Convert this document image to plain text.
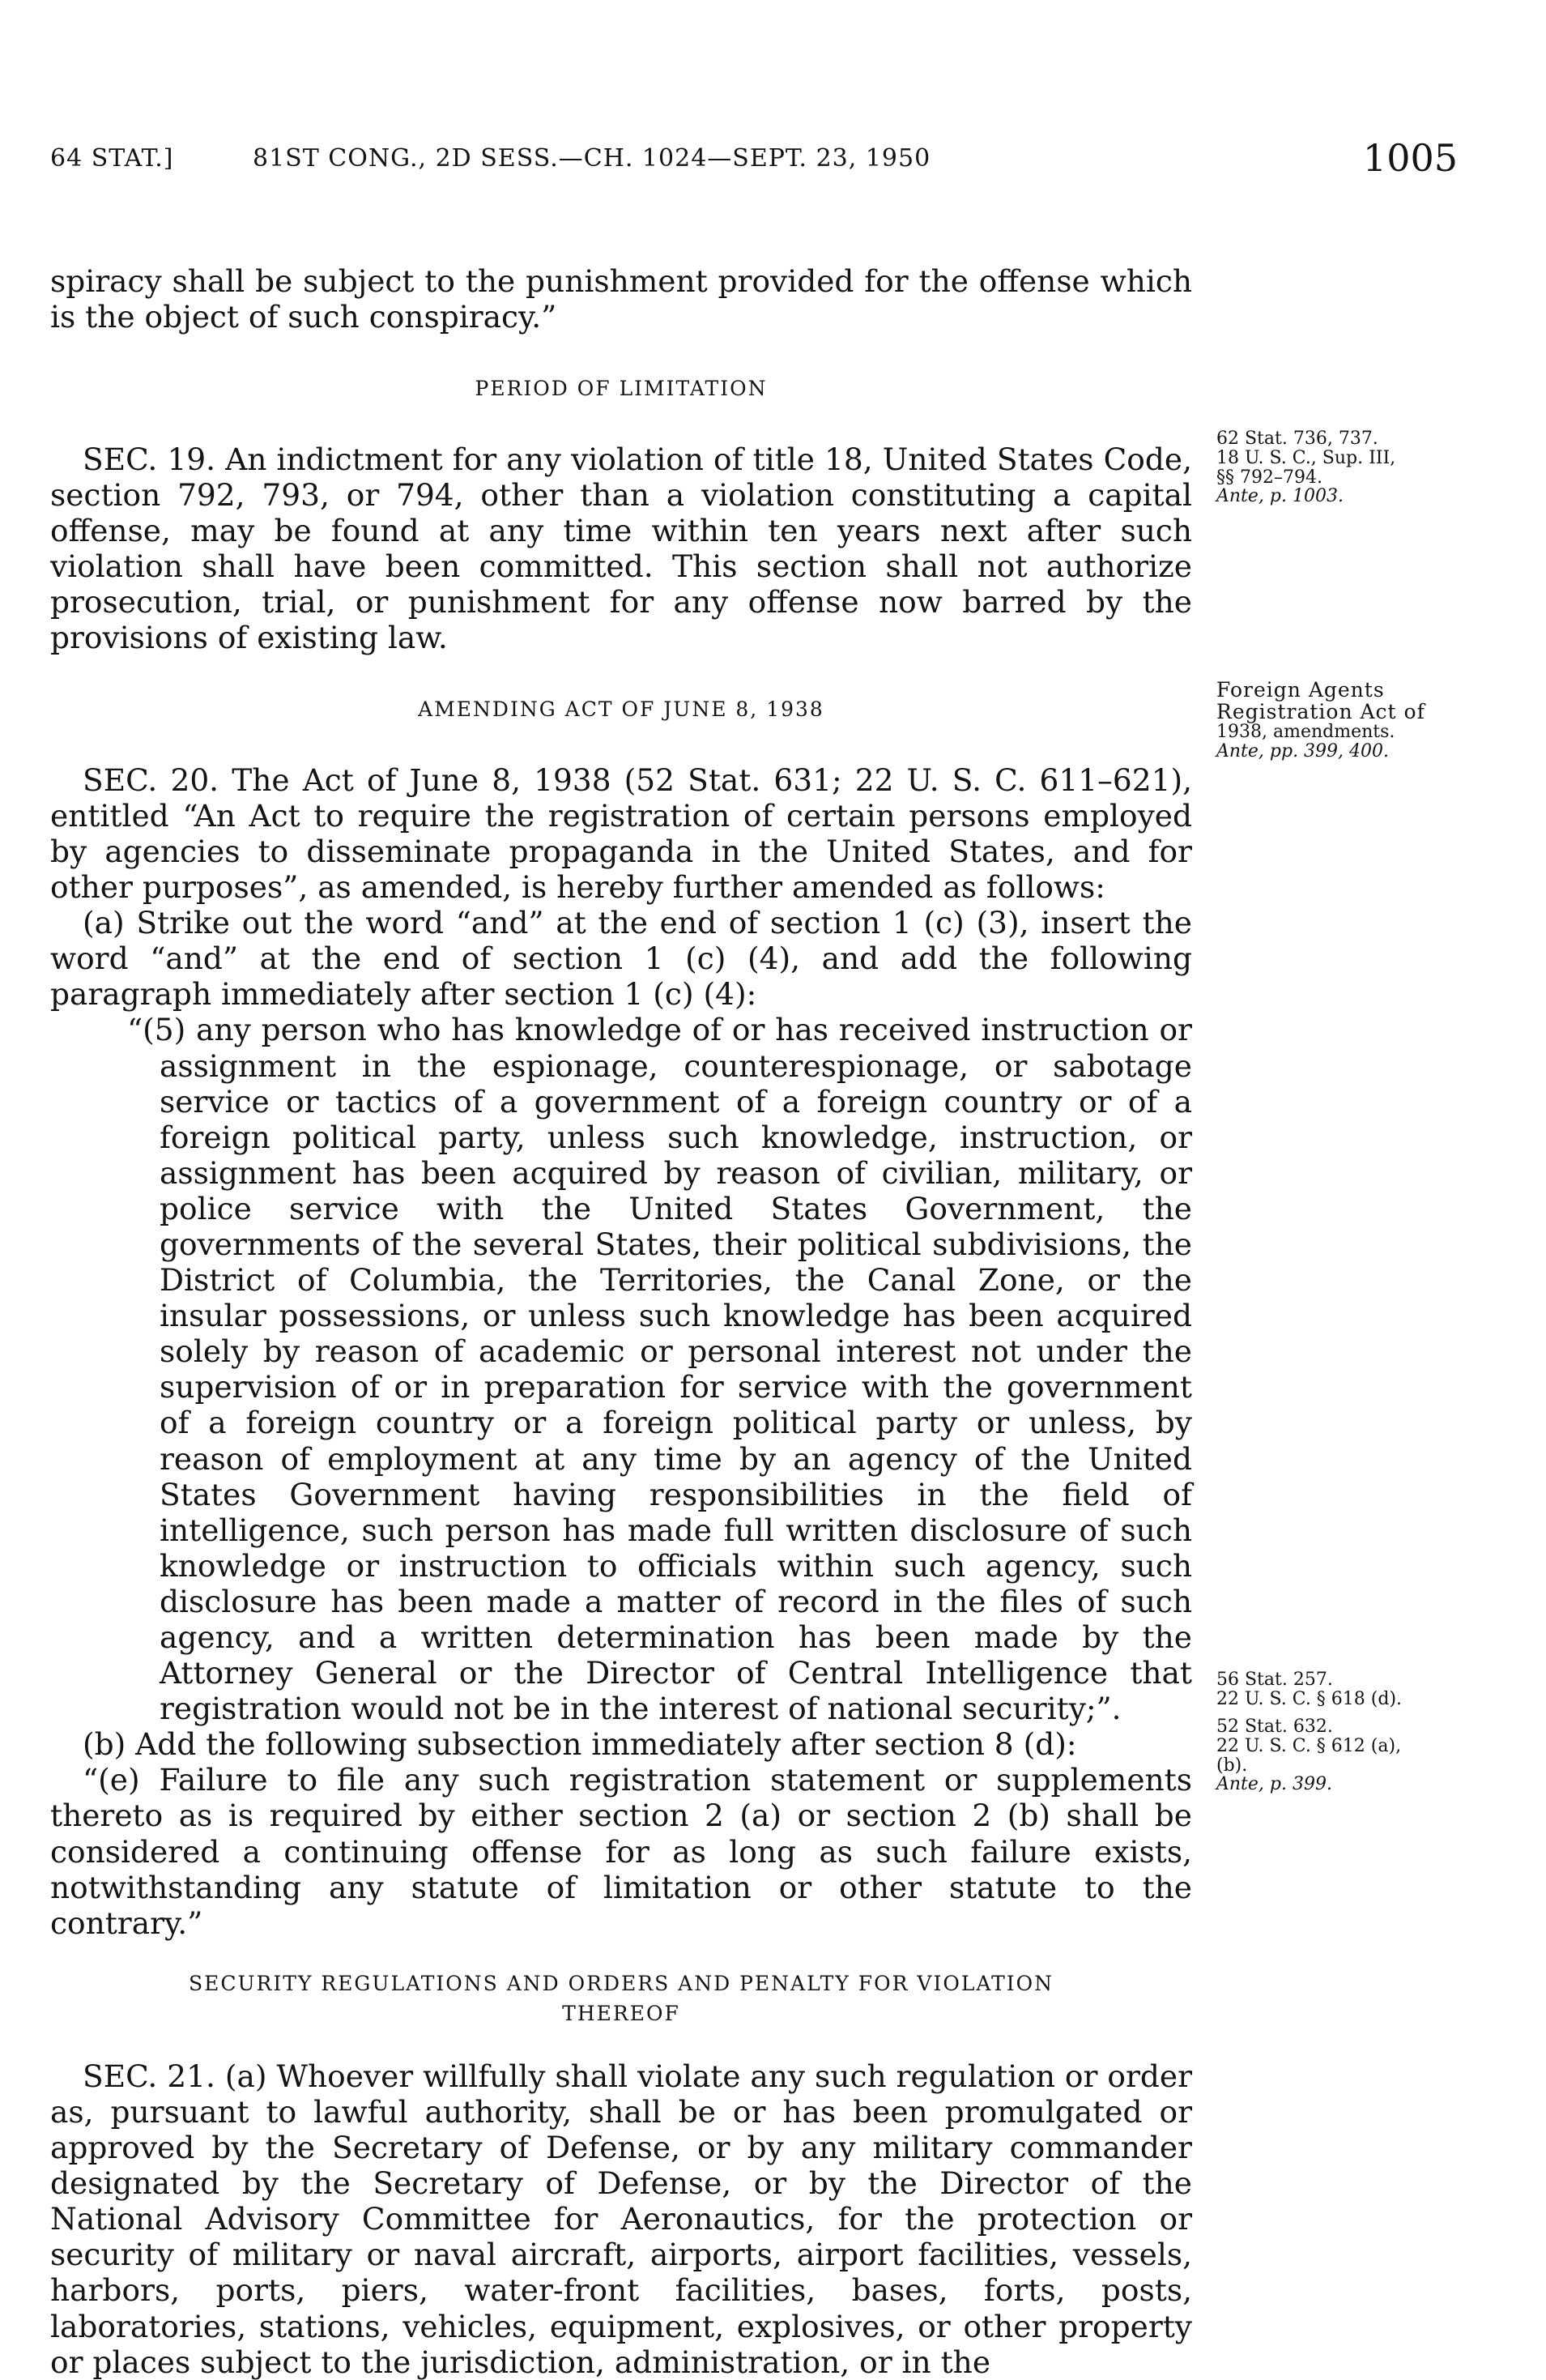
64 STAT.]	81ST CONG., 2D SESS.—CH. 1024—SEPT. 23, 1950	1005

spiracy shall be subject to the punishment provided for the offense which is the object of such conspiracy.”

PERIOD OF LIMITATION

SEC. 19. An indictment for any violation of title 18, United States Code, section 792, 793, or 794, other than a violation constituting a capital offense, may be found at any time within ten years next after such violation shall have been committed. This section shall not authorize prosecution, trial, or punishment for any offense now barred by the provisions of existing law.

AMENDING ACT OF JUNE 8, 1938

SEC. 20. The Act of June 8, 1938 (52 Stat. 631; 22 U. S. C. 611–621), entitled “An Act to require the registration of certain persons employed by agencies to disseminate propaganda in the United States, and for other purposes”, as amended, is hereby further amended as follows:

(a) Strike out the word “and” at the end of section 1 (c) (3), insert the word “and” at the end of section 1 (c) (4), and add the following paragraph immediately after section 1 (c) (4):

“(5) any person who has knowledge of or has received instruction or assignment in the espionage, counterespionage, or sabotage service or tactics of a government of a foreign country or of a foreign political party, unless such knowledge, instruction, or assignment has been acquired by reason of civilian, military, or police service with the United States Government, the governments of the several States, their political subdivisions, the District of Columbia, the Territories, the Canal Zone, or the insular possessions, or unless such knowledge has been acquired solely by reason of academic or personal interest not under the supervision of or in preparation for service with the government of a foreign country or a foreign political party or unless, by reason of employment at any time by an agency of the United States Government having responsibilities in the field of intelligence, such person has made full written disclosure of such knowledge or instruction to officials within such agency, such disclosure has been made a matter of record in the files of such agency, and a written determination has been made by the Attorney General or the Director of Central Intelligence that registration would not be in the interest of national security;”.

(b) Add the following subsection immediately after section 8 (d):

“(e) Failure to file any such registration statement or supplements thereto as is required by either section 2 (a) or section 2 (b) shall be considered a continuing offense for as long as such failure exists, notwithstanding any statute of limitation or other statute to the contrary.”

SECURITY REGULATIONS AND ORDERS AND PENALTY FOR VIOLATION
THEREOF

SEC. 21. (a) Whoever willfully shall violate any such regulation or order as, pursuant to lawful authority, shall be or has been promulgated or approved by the Secretary of Defense, or by any military commander designated by the Secretary of Defense, or by the Director of the National Advisory Committee for Aeronautics, for the protection or security of military or naval aircraft, airports, airport facilities, vessels, harbors, ports, piers, water-front facilities, bases, forts, posts, laboratories, stations, vehicles, equipment, explosives, or other property or places subject to the jurisdiction, administration, or in the

62 Stat. 736, 737.
18 U. S. C., Sup. III,
§§ 792–794.
Ante, p. 1003.
Foreign Agents
Registration Act of
1938, amendments.
Ante, pp. 399, 400.
56 Stat. 257.
22 U. S. C. § 618 (d).
52 Stat. 632.
22 U. S. C. § 612 (a),
(b).
Ante, p. 399.
